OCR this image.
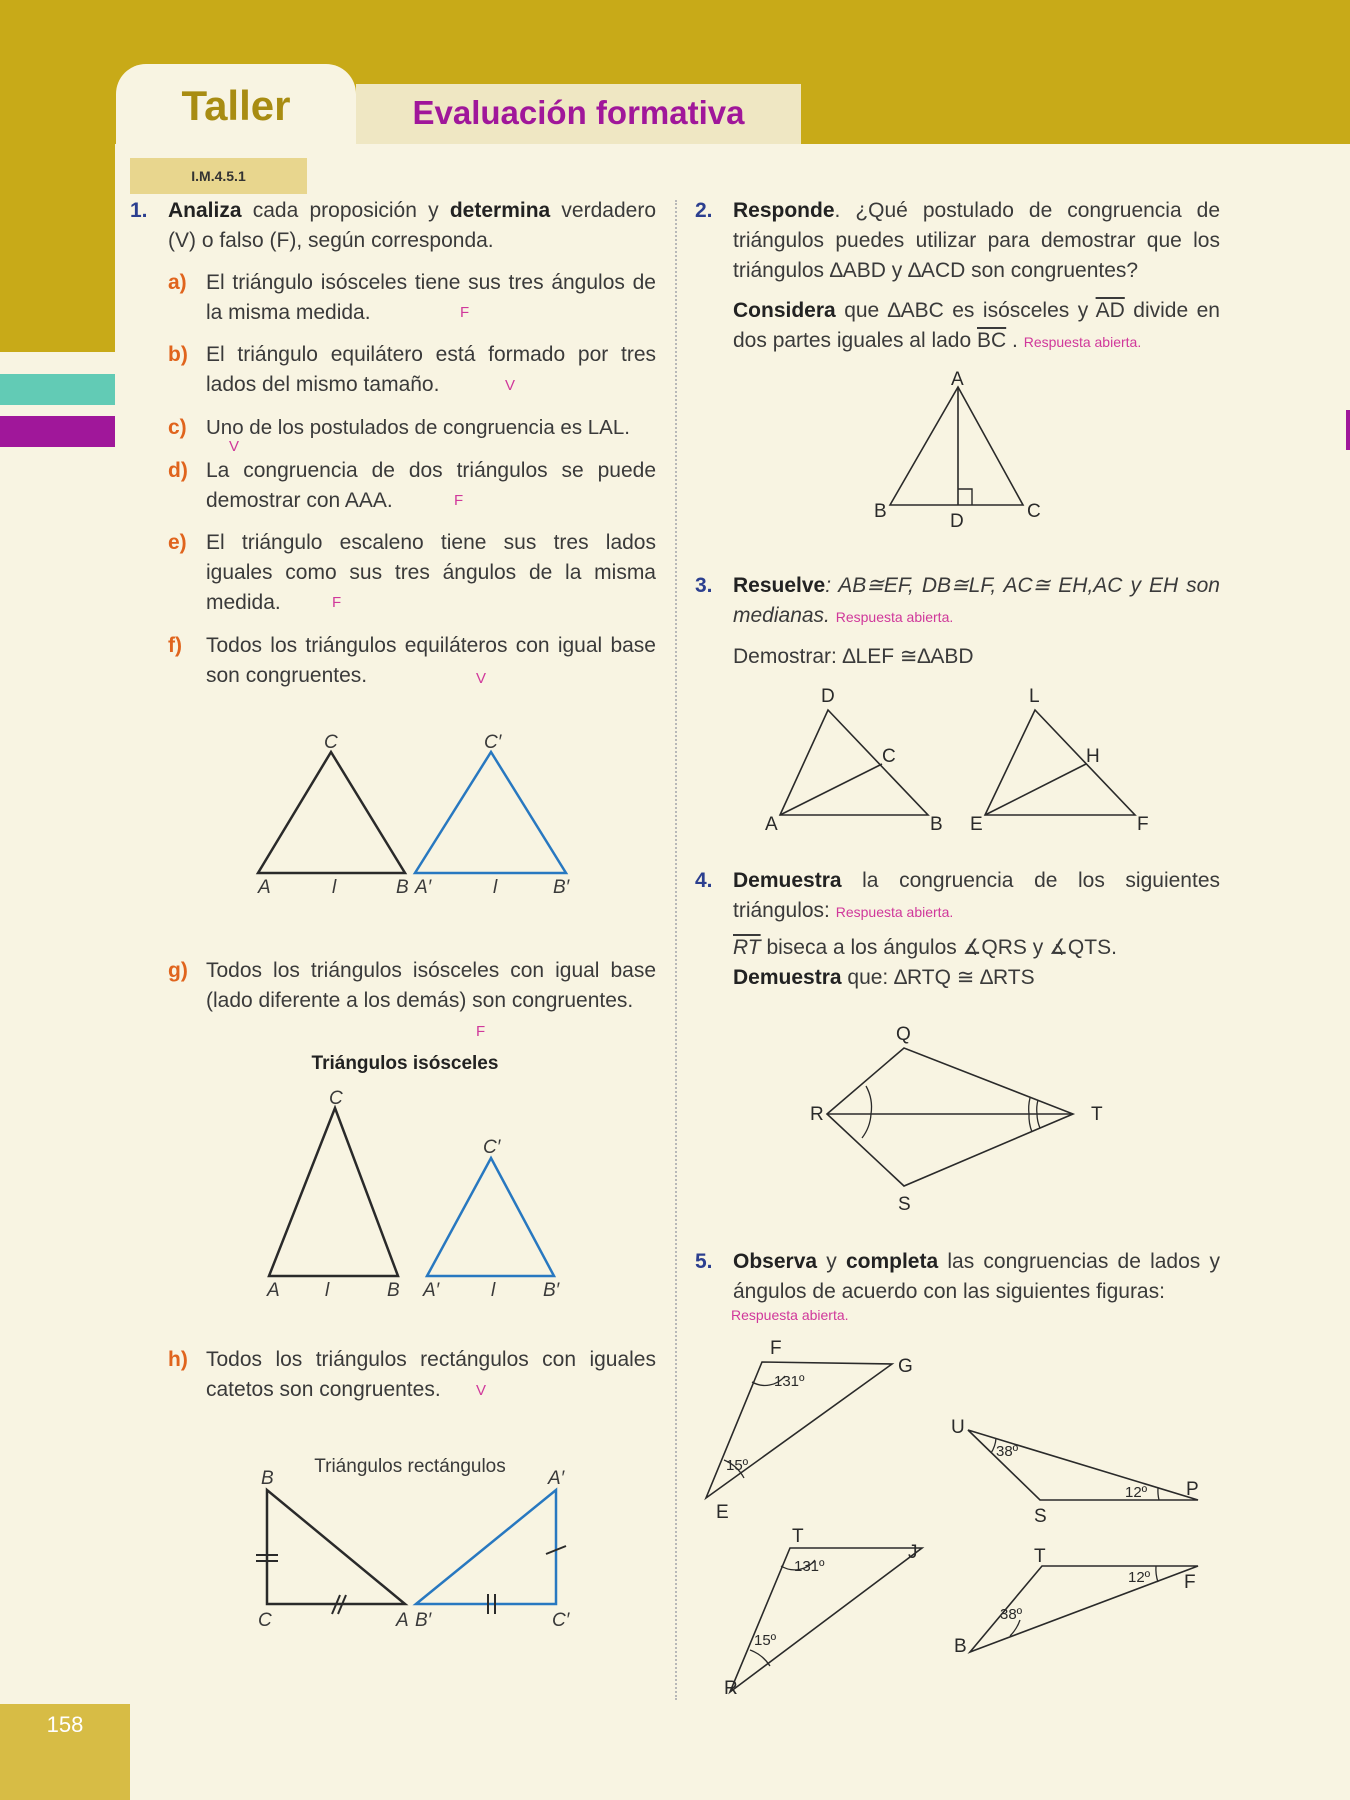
Taller	Evaluación formativa
I.M.4.5.1
158
1. Analiza cada proposición y determina verdadero (V) o falso (F), según corresponda.
a) El triángulo isósceles tiene sus tres ángulos de la misma medida.	F
b) El triángulo equilátero está formado por tres lados del mismo tamaño.	V
c) Uno de los postulados de congruencia es LAL.
V
d) La congruencia de dos triángulos se puede demostrar con AAA.	F
e) El triángulo escaleno tiene sus tres lados iguales como sus tres ángulos de la misma medida.	F
f) Todos los triángulos equiláteros con igual base son congruentes.	V
C
A	B
l
C′
A′	B′
l
g) Todos los triángulos isósceles con igual base (lado diferente a los demás) son congruentes.
F
Triángulos isósceles
C
A	B
l
C′
A′	B′
l
h) Todos los triángulos rectángulos con iguales catetos son congruentes.	V
Triángulos rectángulos
B
C	A
A′
B′	C′
2. Responde. ¿Qué postulado de congruencia de triángulos puedes utilizar para demostrar que los triángulos ∆ABD y ∆ACD son congruentes?
Considera que ∆ABC es isósceles y $\overline{AD}$ divide en dos partes iguales al lado $\overline{BC}$ . Respuesta abierta.
A
B	C
D
3. Resuelve: AB≅EF, DB≅LF, AC≅ EH,AC y EH son medianas. Respuesta abierta.
Demostrar: ∆LEF ≅∆ABD
D
C
A	B
L
H
E	F
4. Demuestra la congruencia de los siguientes triángulos: Respuesta abierta.
$\overline{RT}$ biseca a los ángulos ∡QRS y ∡QTS.
Demuestra que: ∆RTQ ≅ ∆RTS
Q
R	T
S
5. Observa y completa las congruencias de lados y ángulos de acuerdo con las siguientes figuras:
Respuesta abierta.
F
G
E
U
P
S
T
J
R
T
F
B
131º
15º
38º
12º
131º
15º
12º
38º
